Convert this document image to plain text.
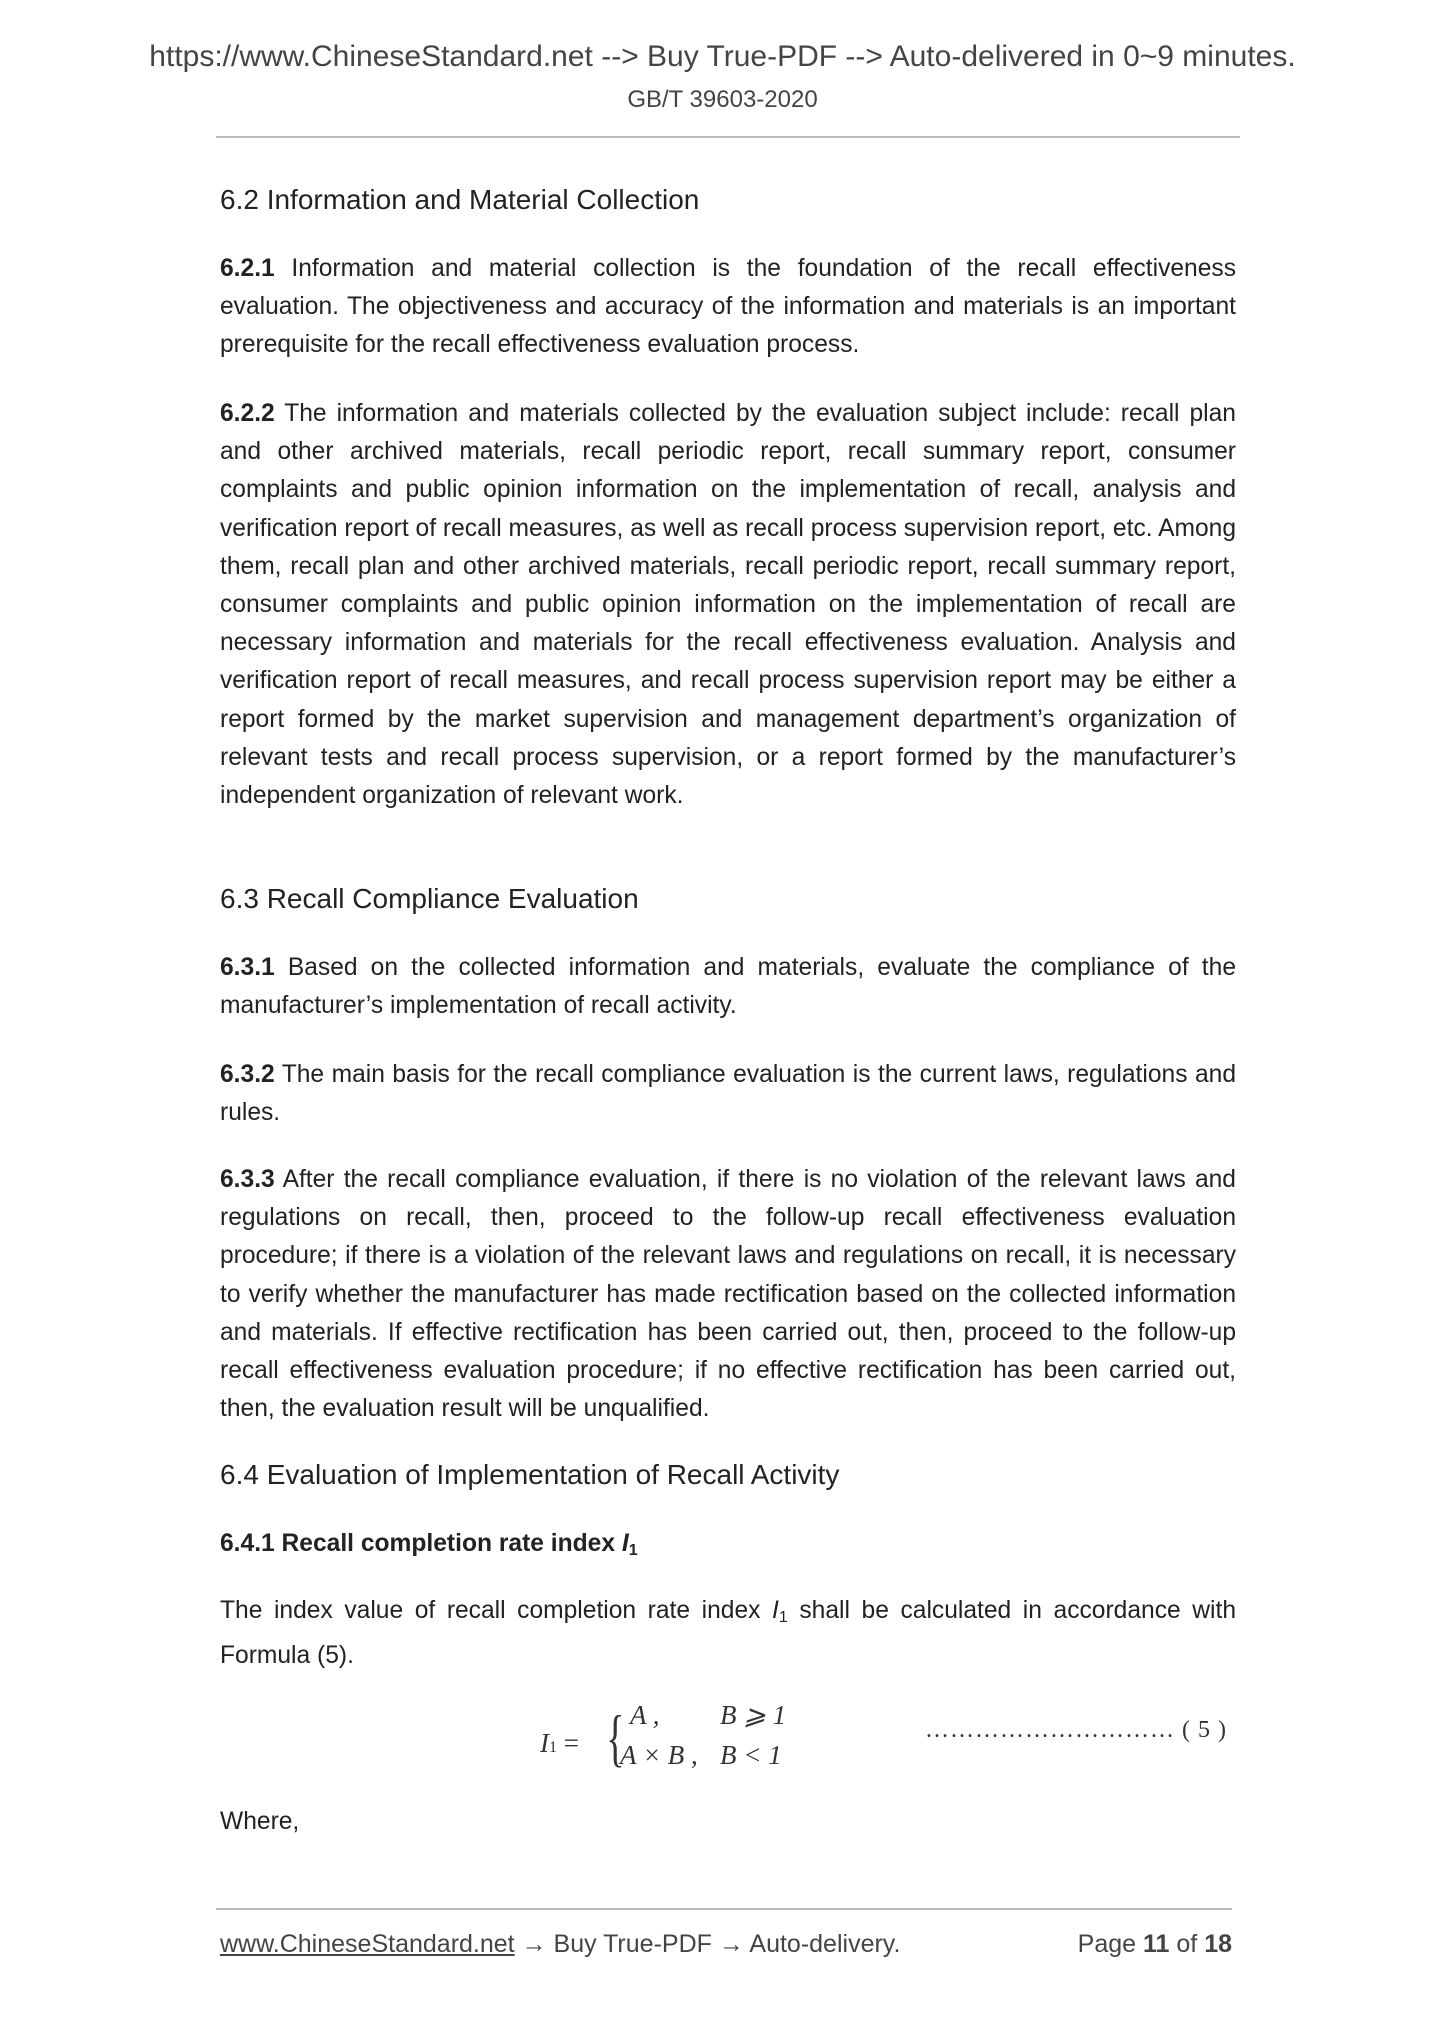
https://www.ChineseStandard.net --> Buy True-PDF --> Auto-delivered in 0~9 minutes.
GB/T 39603-2020
6.2 Information and Material Collection
6.2.1 Information and material collection is the foundation of the recall effectiveness evaluation. The objectiveness and accuracy of the information and materials is an important prerequisite for the recall effectiveness evaluation process.
6.2.2 The information and materials collected by the evaluation subject include: recall plan and other archived materials, recall periodic report, recall summary report, consumer complaints and public opinion information on the implementation of recall, analysis and verification report of recall measures, as well as recall process supervision report, etc. Among them, recall plan and other archived materials, recall periodic report, recall summary report, consumer complaints and public opinion information on the implementation of recall are necessary information and materials for the recall effectiveness evaluation. Analysis and verification report of recall measures, and recall process supervision report may be either a report formed by the market supervision and management department’s organization of relevant tests and recall process supervision, or a report formed by the manufacturer’s independent organization of relevant work.
6.3 Recall Compliance Evaluation
6.3.1 Based on the collected information and materials, evaluate the compliance of the manufacturer’s implementation of recall activity.
6.3.2 The main basis for the recall compliance evaluation is the current laws, regulations and rules.
6.3.3 After the recall compliance evaluation, if there is no violation of the relevant laws and regulations on recall, then, proceed to the follow-up recall effectiveness evaluation procedure; if there is a violation of the relevant laws and regulations on recall, it is necessary to verify whether the manufacturer has made rectification based on the collected information and materials. If effective rectification has been carried out, then, proceed to the follow-up recall effectiveness evaluation procedure; if no effective rectification has been carried out, then, the evaluation result will be unqualified.
6.4 Evaluation of Implementation of Recall Activity
6.4.1 Recall completion rate index $I_1$
The index value of recall completion rate index $I_1$ shall be calculated in accordance with Formula (5).
I1 = { A , B ⩾ 1
A × B , B < 1
………………………… ( 5 )
Where,
www.ChineseStandard.net → Buy True-PDF → Auto-delivery.	Page 11 of 18
